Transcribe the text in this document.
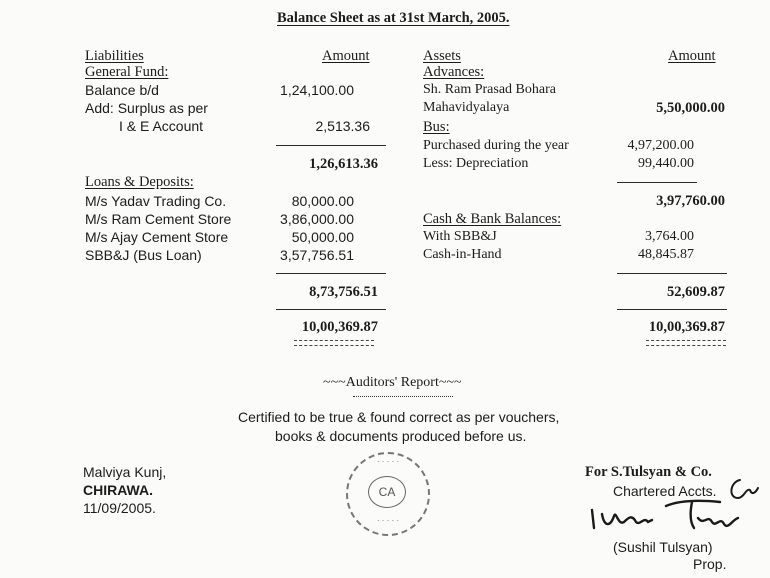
Balance Sheet as at 31st March, 2005.
Liabilities	Amount
General Fund:
Balance b/d	1,24,100.00
Add: Surplus as per
I & E Account	2,513.36
1,26,613.36
Loans & Deposits:
M/s Yadav Trading Co.	80,000.00
M/s Ram Cement Store	3,86,000.00
M/s Ajay Cement Store	50,000.00
SBB&J (Bus Loan)	3,57,756.51
8,73,756.51
10,00,369.87
Assets	Amount
Advances:
Sh. Ram Prasad Bohara
Mahavidyalaya	5,50,000.00
Bus:
Purchased during the year	4,97,200.00
Less: Depreciation	99,440.00
3,97,760.00
Cash & Bank Balances:
With SBB&J	3,764.00
Cash-in-Hand	48,845.87
52,609.87
10,00,369.87
~~~Auditors' Report~~~
Certified to be true & found correct as per vouchers,
books & documents produced before us.
Malviya Kunj,
CHIRAWA.
11/09/2005.
· · · · ·
CA
· · · · ·
For S.Tulsyan & Co.
Chartered Accts.
(Sushil Tulsyan)
Prop.
